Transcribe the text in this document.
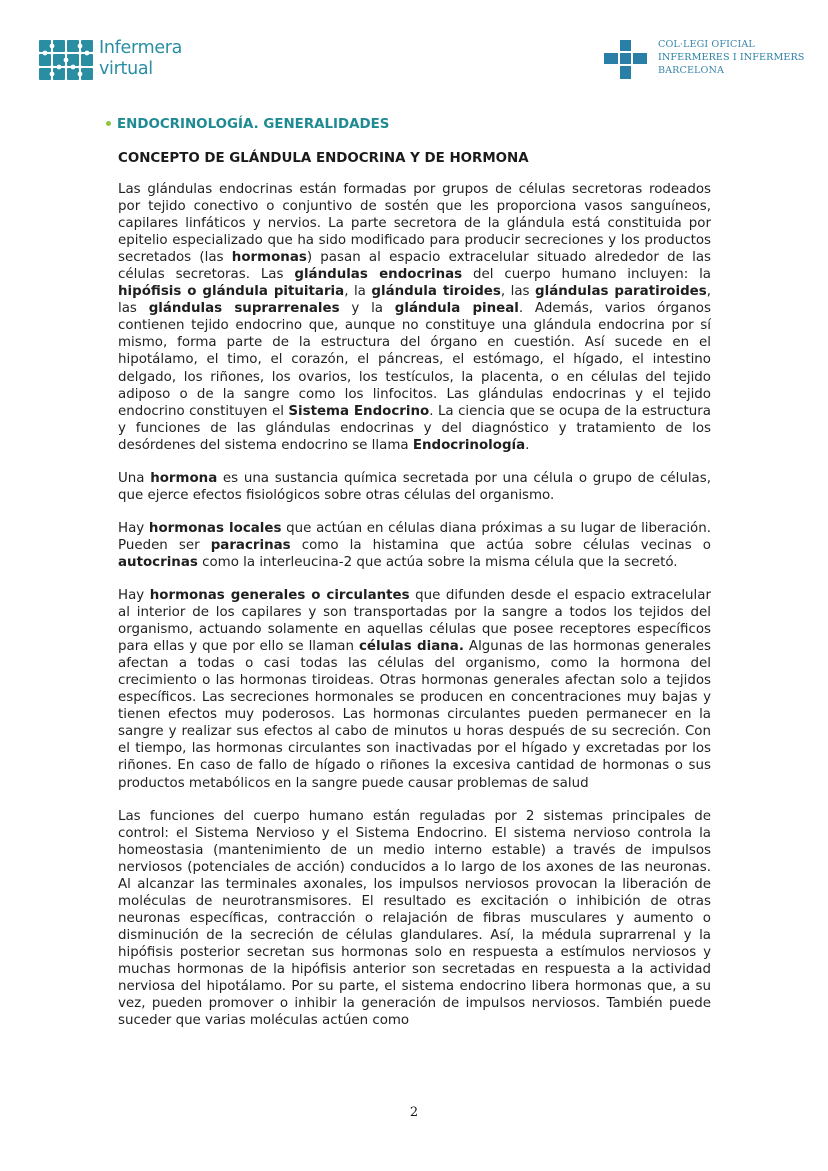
Infermera
virtual
COL·LEGI OFICIAL
INFERMERES I INFERMERS
BARCELONA
ENDOCRINOLOGÍA. GENERALIDADES
CONCEPTO DE GLÁNDULA ENDOCRINA Y DE HORMONA

Las glándulas endocrinas están formadas por grupos de células secretoras rodeados por tejido conectivo o conjuntivo de sostén que les proporciona vasos sanguíneos, capilares linfáticos y nervios. La parte secretora de la glándula está constituida por epitelio especializado que ha sido modificado para producir secreciones y los productos secretados (las hormonas) pasan al espacio extracelular situado alrededor de las células secretoras. Las glándulas endocrinas del cuerpo humano incluyen: la hipófisis o glándula pituitaria, la glándula tiroides, las glándulas paratiroides, las glándulas suprarrenales y la glándula pineal. Además, varios órganos contienen tejido endocrino que, aunque no constituye una glándula endocrina por sí mismo, forma parte de la estructura del órgano en cuestión. Así sucede en el hipotálamo, el timo, el corazón, el páncreas, el estómago, el hígado, el intestino delgado, los riñones, los ovarios, los testículos, la placenta, o en células del tejido adiposo o de la sangre como los linfocitos. Las glándulas endocrinas y el tejido endocrino constituyen el Sistema Endocrino. La ciencia que se ocupa de la estructura y funciones de las glándulas endocrinas y del diagnóstico y tratamiento de los desórdenes del sistema endocrino se llama Endocrinología.

Una hormona es una sustancia química secretada por una célula o grupo de células, que ejerce efectos fisiológicos sobre otras células del organismo.

Hay hormonas locales que actúan en células diana próximas a su lugar de liberación. Pueden ser paracrinas como la histamina que actúa sobre células vecinas o autocrinas como la interleucina-2 que actúa sobre la misma célula que la secretó.

Hay hormonas generales o circulantes que difunden desde el espacio extracelular al interior de los capilares y son transportadas por la sangre a todos los tejidos del organismo, actuando solamente en aquellas células que posee receptores específicos para ellas y que por ello se llaman células diana. Algunas de las hormonas generales afectan a todas o casi todas las células del organismo, como la hormona del crecimiento o las hormonas tiroideas. Otras hormonas generales afectan solo a tejidos específicos. Las secreciones hormonales se producen en concentraciones muy bajas y tienen efectos muy poderosos. Las hormonas circulantes pueden permanecer en la sangre y realizar sus efectos al cabo de minutos u horas después de su secreción. Con el tiempo, las hormonas circulantes son inactivadas por el hígado y excretadas por los riñones. En caso de fallo de hígado o riñones la excesiva cantidad de hormonas o sus productos metabólicos en la sangre puede causar problemas de salud

Las funciones del cuerpo humano están reguladas por 2 sistemas principales de control: el Sistema Nervioso y el Sistema Endocrino. El sistema nervioso controla la homeostasia (mantenimiento de un medio interno estable) a través de impulsos nerviosos (potenciales de acción) conducidos a lo largo de los axones de las neuronas. Al alcanzar las terminales axonales, los impulsos nerviosos provocan la liberación de moléculas de neurotransmisores. El resultado es excitación o inhibición de otras neuronas específicas, contracción o relajación de fibras musculares y aumento o disminución de la secreción de células glandulares. Así, la médula suprarrenal y la hipófisis posterior secretan sus hormonas solo en respuesta a estímulos nerviosos y muchas hormonas de la hipófisis anterior son secretadas en respuesta a la actividad nerviosa del hipotálamo. Por su parte, el sistema endocrino libera hormonas que, a su vez, pueden promover o inhibir la generación de impulsos nerviosos. También puede suceder que varias moléculas actúen como

2
